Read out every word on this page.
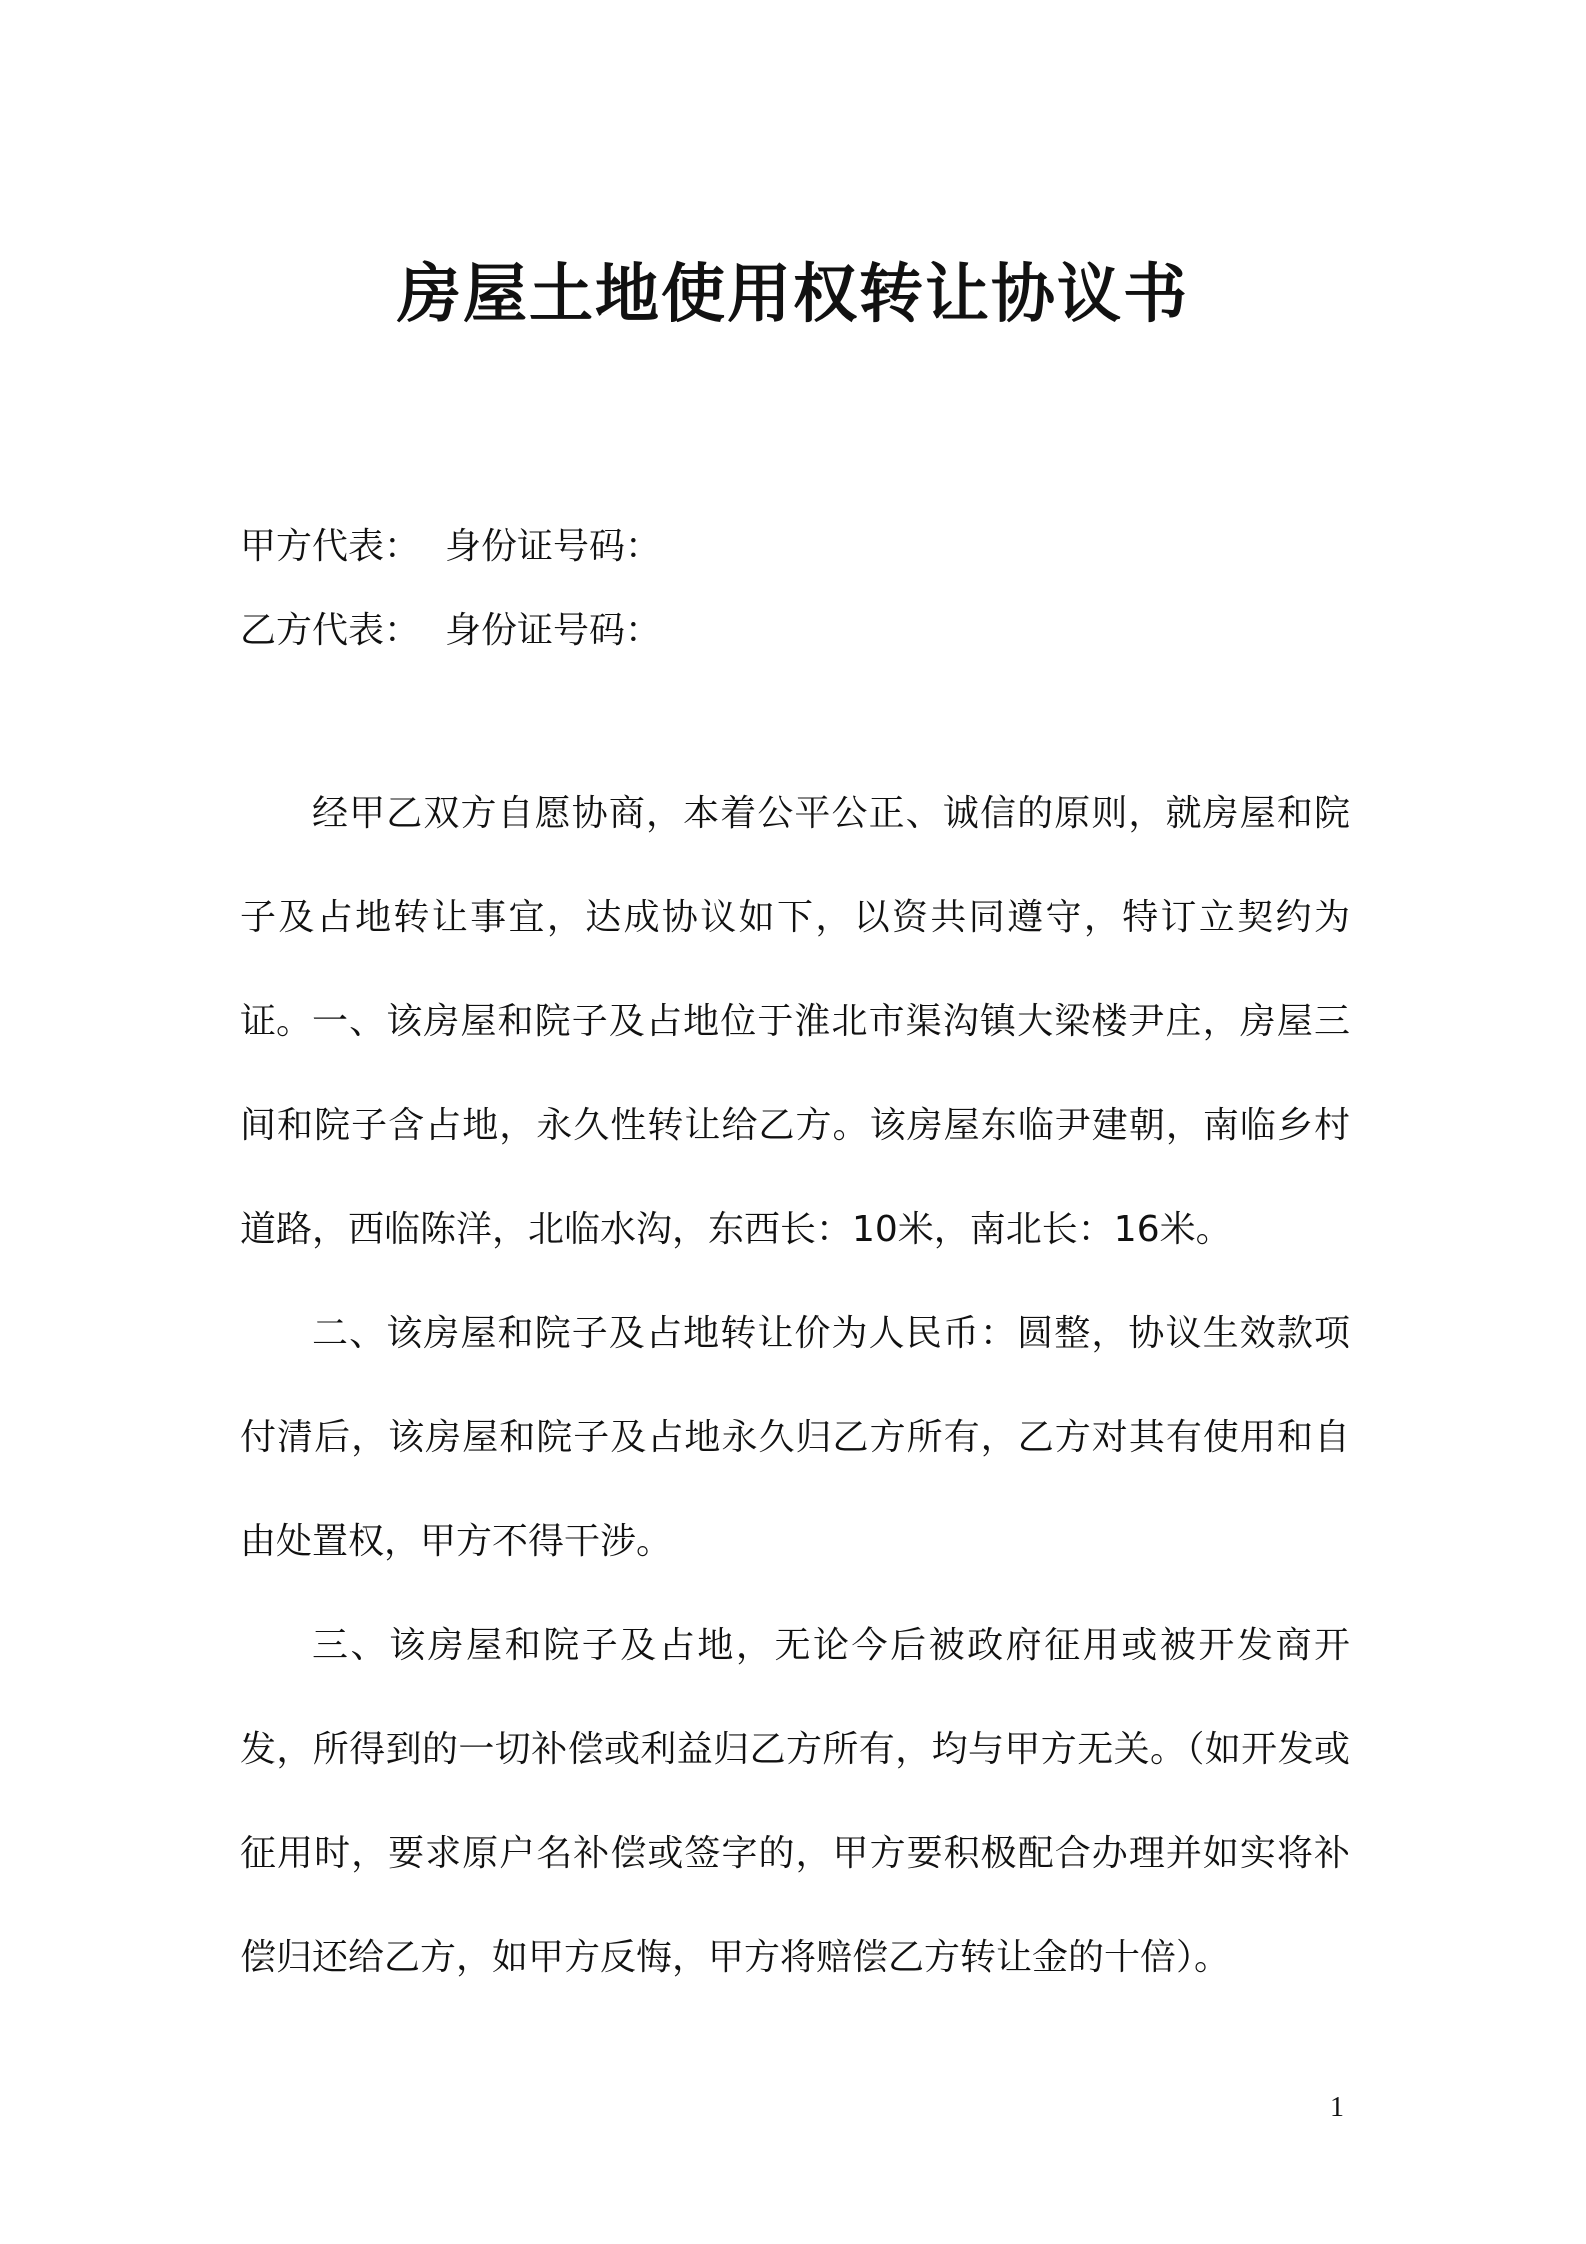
房屋土地使用权转让协议书
甲方代表： 身份证号码：
乙方代表： 身份证号码：

经甲乙双方自愿协商，本着公平公正、诚信的原则，就房屋和院子及占地转让事宜，达成协议如下，以资共同遵守，特订立契约为证。 一、该房屋和院子及占地位于淮北市渠沟镇大梁楼尹庄，房屋三间和院子含占地，永久性转让给乙方。该房屋东临尹建朝，南临乡村道路，西临陈洋，北临水沟，东西长：10米，南北长：16米。

二、该房屋和院子及占地转让价为人民币：圆整，协议生效款项付清后，该房屋和院子及占地永久归乙方所有，乙方对其有使用和自由处置权，甲方不得干涉。

三、该房屋和院子及占地，无论今后被政府征用或被开发商开发，所得到的一切补偿或利益归乙方所有，均与甲方无关。（如开发或征用时，要求原户名补偿或签字的，甲方要积极配合办理并如实将补偿归还给乙方，如甲方反悔，甲方将赔偿乙方转让金的十倍）。

1
